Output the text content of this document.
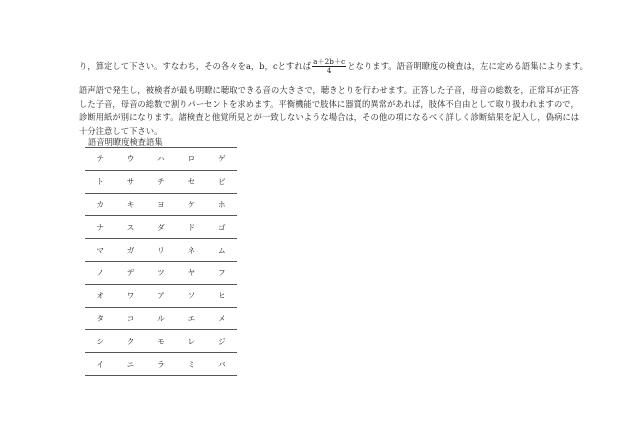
り，算定して下さい。すなわち，その各々をa，b，cとすれば $\frac{a+2b+c}{4}$ となります。語音明瞭度の検査は，左に定める語集によります。

語声語で発生し，被検者が最も明瞭に聴取できる音の大きさで，聴きとりを行わせます。正答した子音，母音の総数を，正常耳が正答
した子音，母音の総数で割りパーセントを求めます。平衡機能で肢体に器質的異常があれば，肢体不自由として取り扱われますので，
診断用紙が別になります。諸検査と他覚所見とが一致しないような場合は，その他の項になるべく詳しく診断結果を記入し，偽病には
十分注意して下さい。

語音明瞭度検査語集

テ	ウ	ハ	ロ	ゲ
ト	サ	チ	セ	ビ
カ	キ	ヨ	ケ	ホ
ナ	ス	ダ	ド	ゴ
マ	ガ	リ	ネ	ム
ノ	デ	ツ	ヤ	フ
オ	ワ	ア	ソ	ヒ
タ	コ	ル	エ	メ
シ	ク	モ	レ	ジ
イ	ニ	ラ	ミ	バ
